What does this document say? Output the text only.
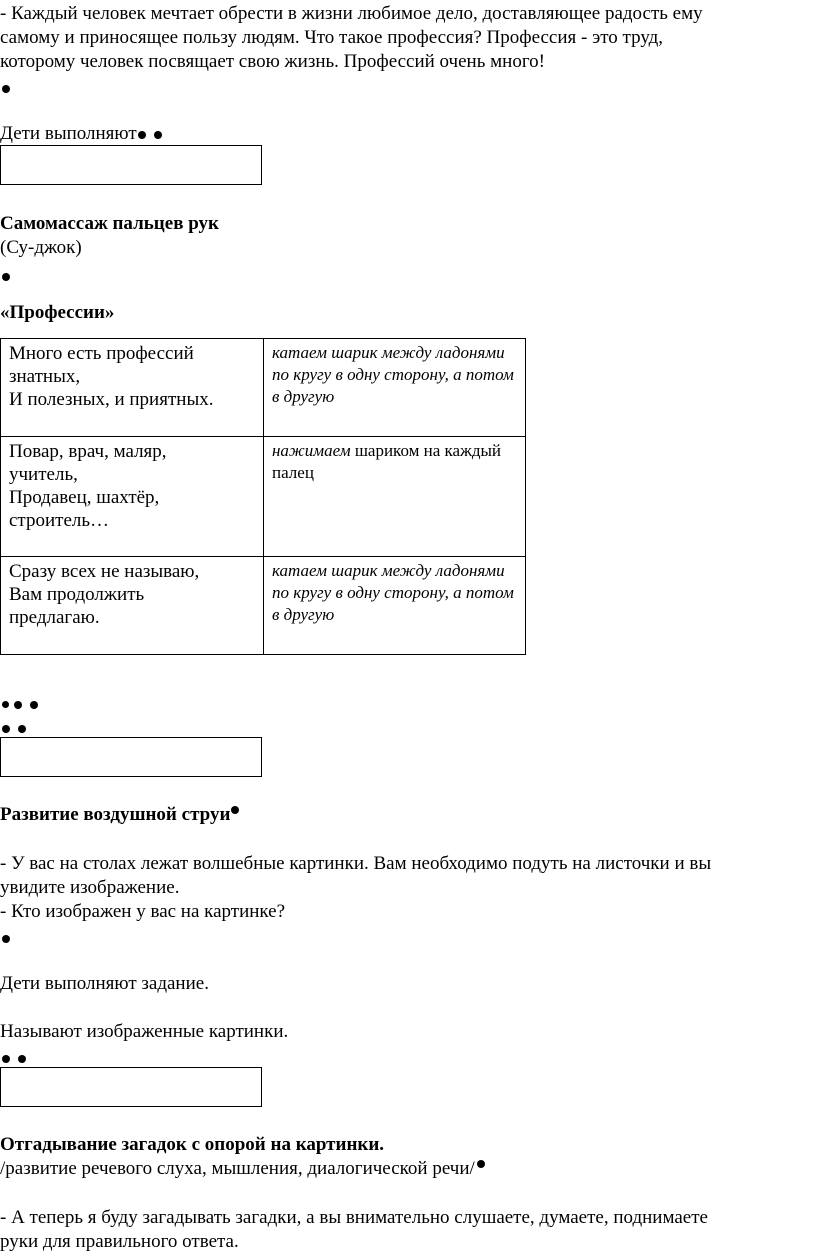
- Каждый человек мечтает обрести в жизни любимое дело, доставляющее радость ему
самому и приносящее пользу людям. Что такое профессия? Профессия - это труд,
которому человек посвящает свою жизнь. Профессий очень много!
Дети выполняют
Самомассаж пальцев рук
(Су-джок)
«Профессии»
Много есть профессий
знатных,
И полезных, и приятных.	катаем шарик между ладонями по кругу в одну сторону, а потом в другую

Повар, врач, маляр,
учитель,
Продавец, шахтёр,
строитель…	нажимаем шариком на каждый палец

Сразу всех не называю,
Вам продолжить
предлагаю.	катаем шарик между ладонями по кругу в одну сторону, а потом в другую
Развитие воздушной струи
- У вас на столах лежат волшебные картинки. Вам необходимо подуть на листочки и вы
увидите изображение.
- Кто изображен у вас на картинке?
Дети выполняют задание.
Называют изображенные картинки.
Отгадывание загадок с опорой на картинки.
/развитие речевого слуха, мышления, диалогической речи/
- А теперь я буду загадывать загадки, а вы внимательно слушаете, думаете, поднимаете
руки для правильного ответа.
